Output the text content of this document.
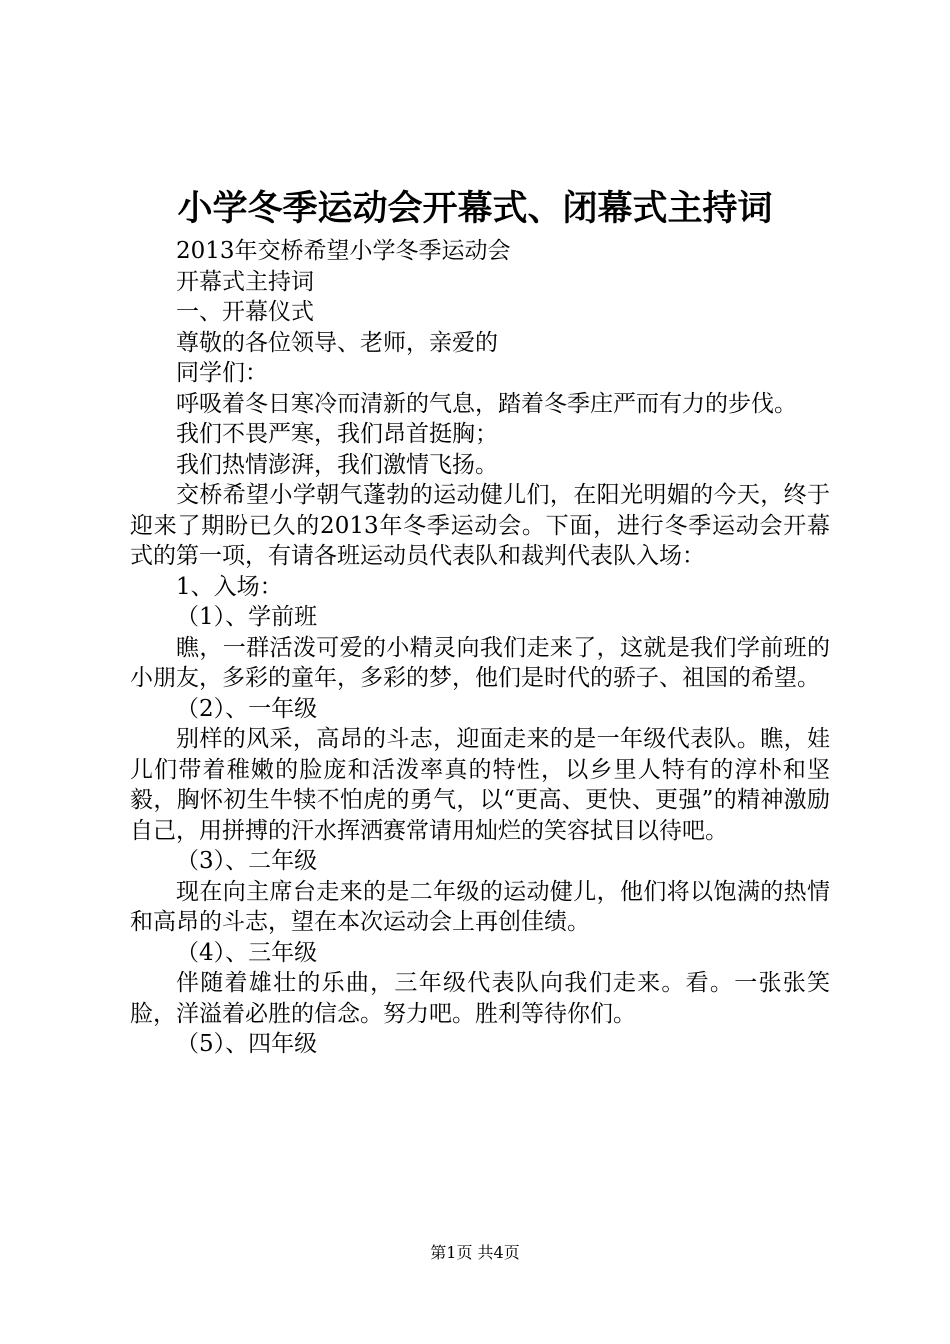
小学冬季运动会开幕式、闭幕式主持词

2013年交桥希望小学冬季运动会

开幕式主持词

一、开幕仪式

尊敬的各位领导、老师，亲爱的

同学们：

呼吸着冬日寒冷而清新的气息，踏着冬季庄严而有力的步伐。

我们不畏严寒，我们昂首挺胸；

我们热情澎湃，我们激情飞扬。

交桥希望小学朝气蓬勃的运动健儿们，在阳光明媚的今天，终于迎来了期盼已久的2013年冬季运动会。下面，进行冬季运动会开幕式的第一项，有请各班运动员代表队和裁判代表队入场：

1、入场：

（1）、学前班

瞧，一群活泼可爱的小精灵向我们走来了，这就是我们学前班的小朋友，多彩的童年，多彩的梦，他们是时代的骄子、祖国的希望。

（2）、一年级

别样的风采，高昂的斗志，迎面走来的是一年级代表队。瞧，娃儿们带着稚嫩的脸庞和活泼率真的特性，以乡里人特有的淳朴和坚毅，胸怀初生牛犊不怕虎的勇气，以“更高、更快、更强”的精神激励自己，用拼搏的汗水挥洒赛常请用灿烂的笑容拭目以待吧。

（3）、二年级

现在向主席台走来的是二年级的运动健儿，他们将以饱满的热情和高昂的斗志，望在本次运动会上再创佳绩。

（4）、三年级

伴随着雄壮的乐曲，三年级代表队向我们走来。看。一张张笑脸，洋溢着必胜的信念。努力吧。胜利等待你们。

（5）、四年级

第1页 共4页
